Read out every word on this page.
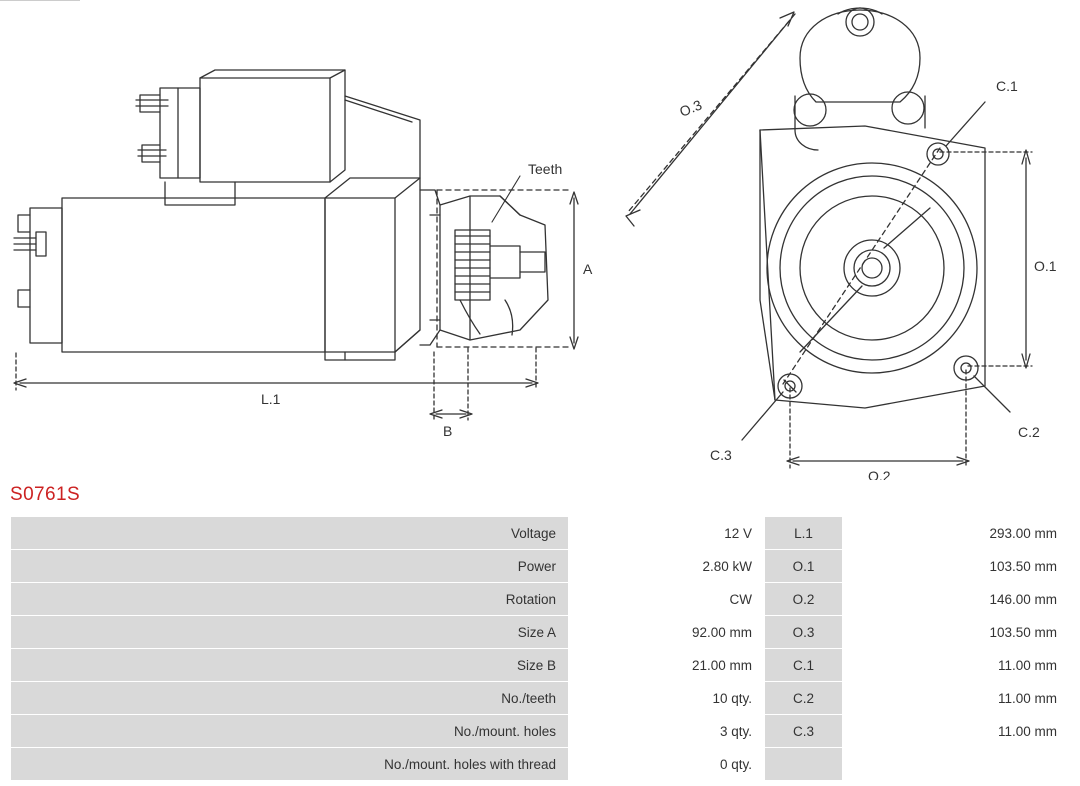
Teeth
A
B
L.1
O.1
O.2
O.3
C.1
C.2
C.3
S0761S
Voltage	12 V	L.1	293.00 mm
Power	2.80 kW	O.1	103.50 mm
Rotation	CW	O.2	146.00 mm
Size A	92.00 mm	O.3	103.50 mm
Size B	21.00 mm	C.1	11.00 mm
No./teeth	10 qty.	C.2	11.00 mm
No./mount. holes	3 qty.	C.3	11.00 mm
No./mount. holes with thread	0 qty.		
